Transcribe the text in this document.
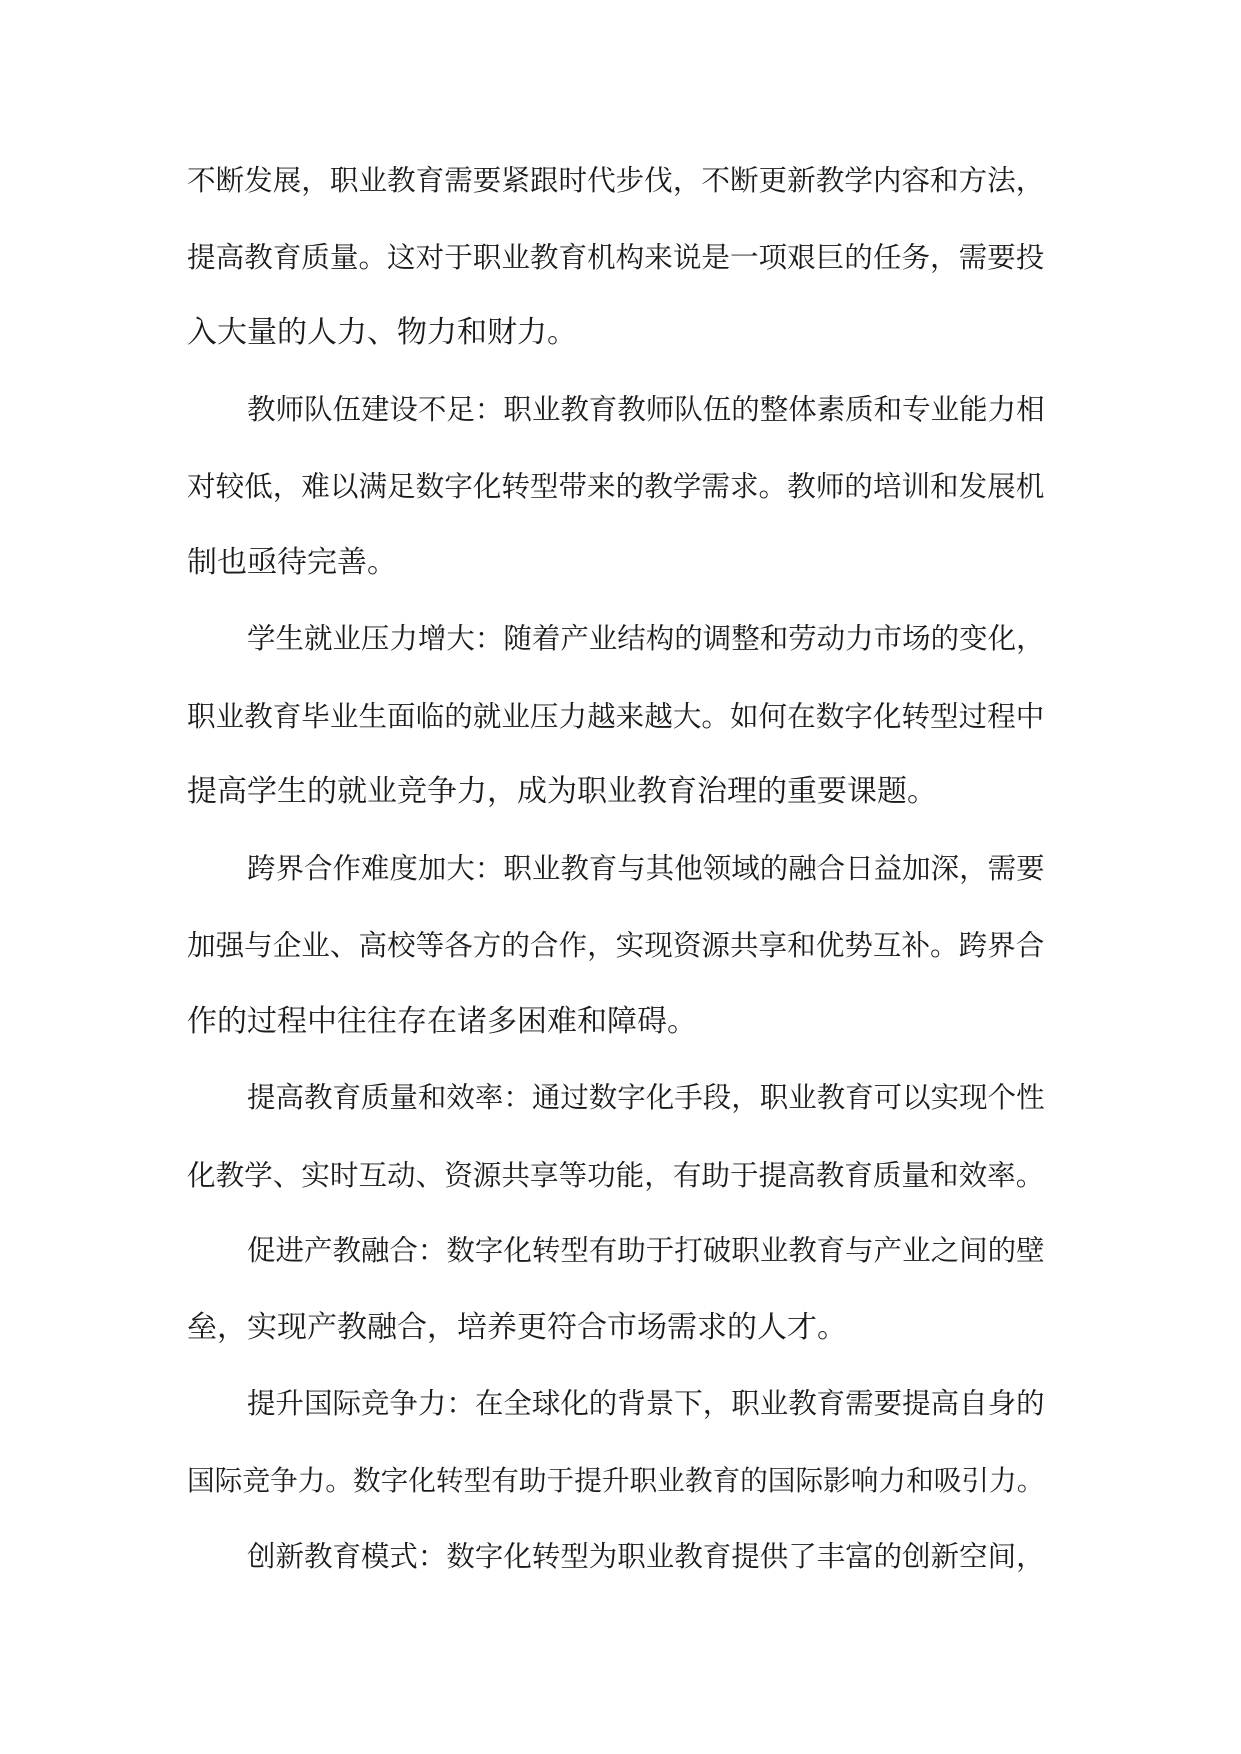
不断发展，职业教育需要紧跟时代步伐，不断更新教学内容和方法，

提高教育质量。这对于职业教育机构来说是一项艰巨的任务，需要投

入大量的人力、物力和财力。

教师队伍建设不足：职业教育教师队伍的整体素质和专业能力相

对较低，难以满足数字化转型带来的教学需求。教师的培训和发展机

制也亟待完善。

学生就业压力增大：随着产业结构的调整和劳动力市场的变化，

职业教育毕业生面临的就业压力越来越大。如何在数字化转型过程中

提高学生的就业竞争力，成为职业教育治理的重要课题。

跨界合作难度加大：职业教育与其他领域的融合日益加深，需要

加强与企业、高校等各方的合作，实现资源共享和优势互补。跨界合

作的过程中往往存在诸多困难和障碍。

提高教育质量和效率：通过数字化手段，职业教育可以实现个性

化教学、实时互动、资源共享等功能，有助于提高教育质量和效率。

促进产教融合：数字化转型有助于打破职业教育与产业之间的壁

垒，实现产教融合，培养更符合市场需求的人才。

提升国际竞争力：在全球化的背景下，职业教育需要提高自身的

国际竞争力。数字化转型有助于提升职业教育的国际影响力和吸引力。

创新教育模式：数字化转型为职业教育提供了丰富的创新空间，
